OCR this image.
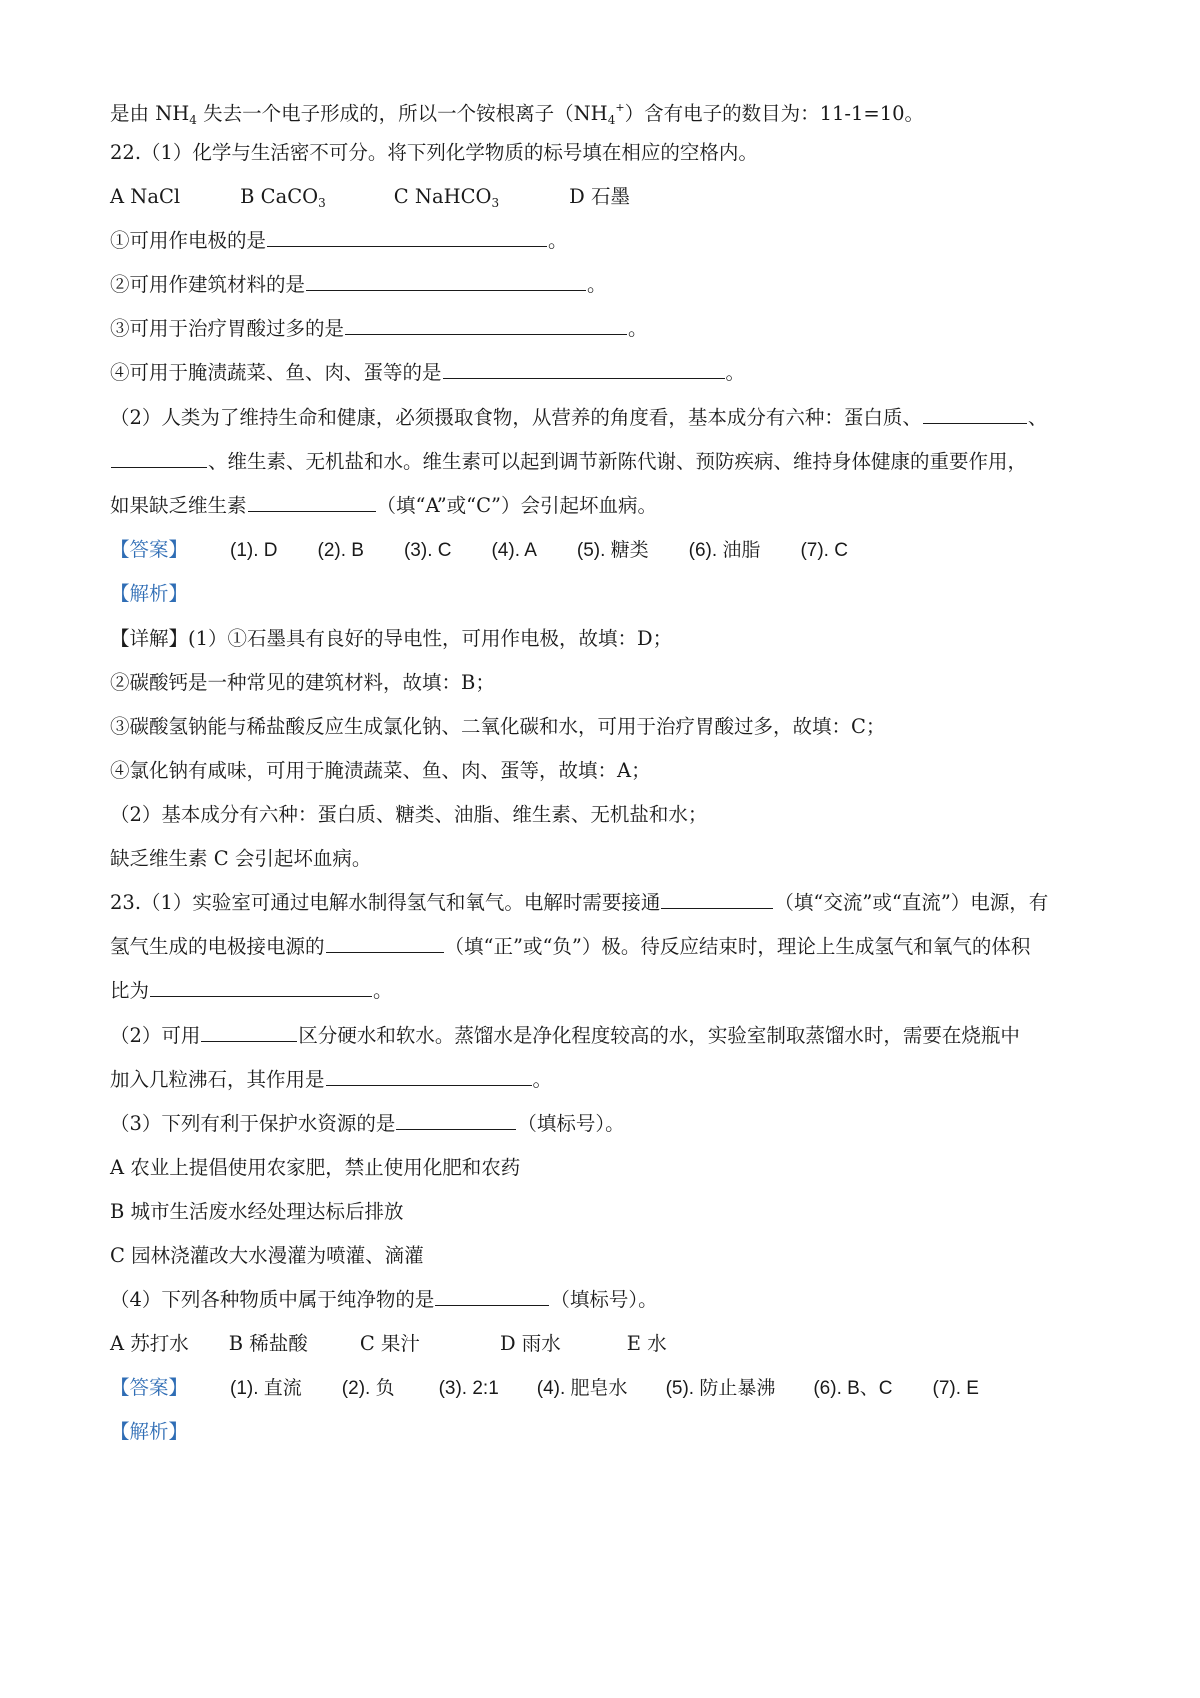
是由 $NH_4$ 失去一个电子形成的，所以一个铵根离子$(NH_4^+)$含有电子的数目为：11-1=10。
22.（1）化学与生活密不可分。将下列化学物质的标号填在相应的空格内。
A NaCl	B CaCO$_3$	C NaHCO$_3$	D 石墨
①可用作电极的是	。
②可用作建筑材料的是	。
③可用于治疗胃酸过多的是	。
④可用于腌渍蔬菜、鱼、肉、蛋等的是	。
（2）人类为了维持生命和健康，必须摄取食物，从营养的角度看，基本成分有六种：蛋白质、	、
、维生素、无机盐和水。维生素可以起到调节新陈代谢、预防疾病、维持身体健康的重要作用，
如果缺乏维生素	（填“A”或“C”）会引起坏血病。
【答案】 (1). D (2). B (3). C (4). A (5). 糖类 (6). 油脂 (7). C
【解析】
【详解】(1）①石墨具有良好的导电性，可用作电极，故填：D；
②碳酸钙是一种常见的建筑材料，故填：B；
③碳酸氢钠能与稀盐酸反应生成氯化钠、二氧化碳和水，可用于治疗胃酸过多，故填：C；
④氯化钠有咸味，可用于腌渍蔬菜、鱼、肉、蛋等，故填：A；
（2）基本成分有六种：蛋白质、糖类、油脂、维生素、无机盐和水；
缺乏维生素 C 会引起坏血病。
23.（1）实验室可通过电解水制得氢气和氧气。电解时需要接通	（填“交流”或“直流”）电源，有
氢气生成的电极接电源的	（填“正”或“负”）极。待反应结束时，理论上生成氢气和氧气的体积
比为	。
（2）可用	区分硬水和软水。蒸馏水是净化程度较高的水，实验室制取蒸馏水时，需要在烧瓶中
加入几粒沸石，其作用是	。
（3）下列有利于保护水资源的是	（填标号）。
A 农业上提倡使用农家肥，禁止使用化肥和农药
B 城市生活废水经处理达标后排放
C 园林浇灌改大水漫灌为喷灌、滴灌
（4）下列各种物质中属于纯净物的是	（填标号）。
A 苏打水 B 稀盐酸	C 果汁	D 雨水	E 水
【答案】 (1). 直流 (2). 负 (3). 2:1 (4). 肥皂水 (5). 防止暴沸 (6). B、C (7). E
【解析】
